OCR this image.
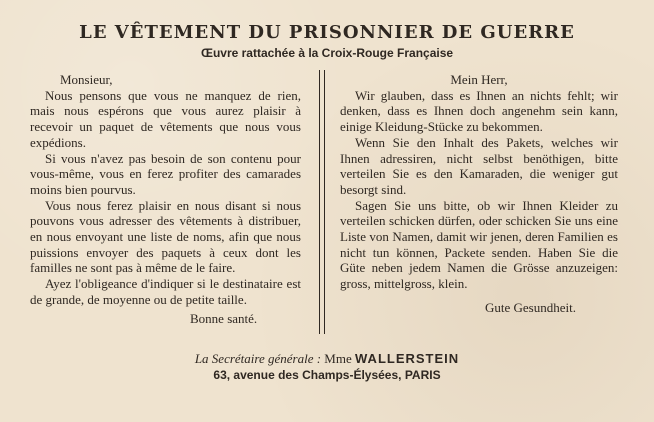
LE VÊTEMENT DU PRISONNIER DE GUERRE
Œuvre rattachée à la Croix-Rouge Française

Monsieur,

Nous pensons que vous ne manquez de rien, mais nous espérons que vous aurez plaisir à recevoir un paquet de vêtements que nous vous expédions.

Si vous n'avez pas besoin de son contenu pour vous-même, vous en ferez profiter des camarades moins bien pourvus.

Vous nous ferez plaisir en nous disant si nous pouvons vous adresser des vêtements à distribuer, en nous envoyant une liste de noms, afin que nous puissions envoyer des paquets à ceux dont les familles ne sont pas à même de le faire.

Ayez l'obligeance d'indiquer si le destinataire est de grande, de moyenne ou de petite taille.

Bonne santé.

Mein Herr,

Wir glauben, dass es Ihnen an nichts fehlt; wir denken, dass es Ihnen doch angenehm sein kann, einige Kleidung-Stücke zu bekommen.

Wenn Sie den Inhalt des Pakets, welches wir Ihnen adressiren, nicht selbst benöthigen, bitte verteilen Sie es den Kamaraden, die weniger gut besorgt sind.

Sagen Sie uns bitte, ob wir Ihnen Kleider zu verteilen schicken dürfen, oder schicken Sie uns eine Liste von Namen, damit wir jenen, deren Familien es nicht tun können, Packete senden. Haben Sie die Güte neben jedem Namen die Grösse anzuzeigen: gross, mittelgross, klein.

Gute Gesundheit.

La Secrétaire générale : Mme WALLERSTEIN
63, avenue des Champs-Élysées, PARIS
